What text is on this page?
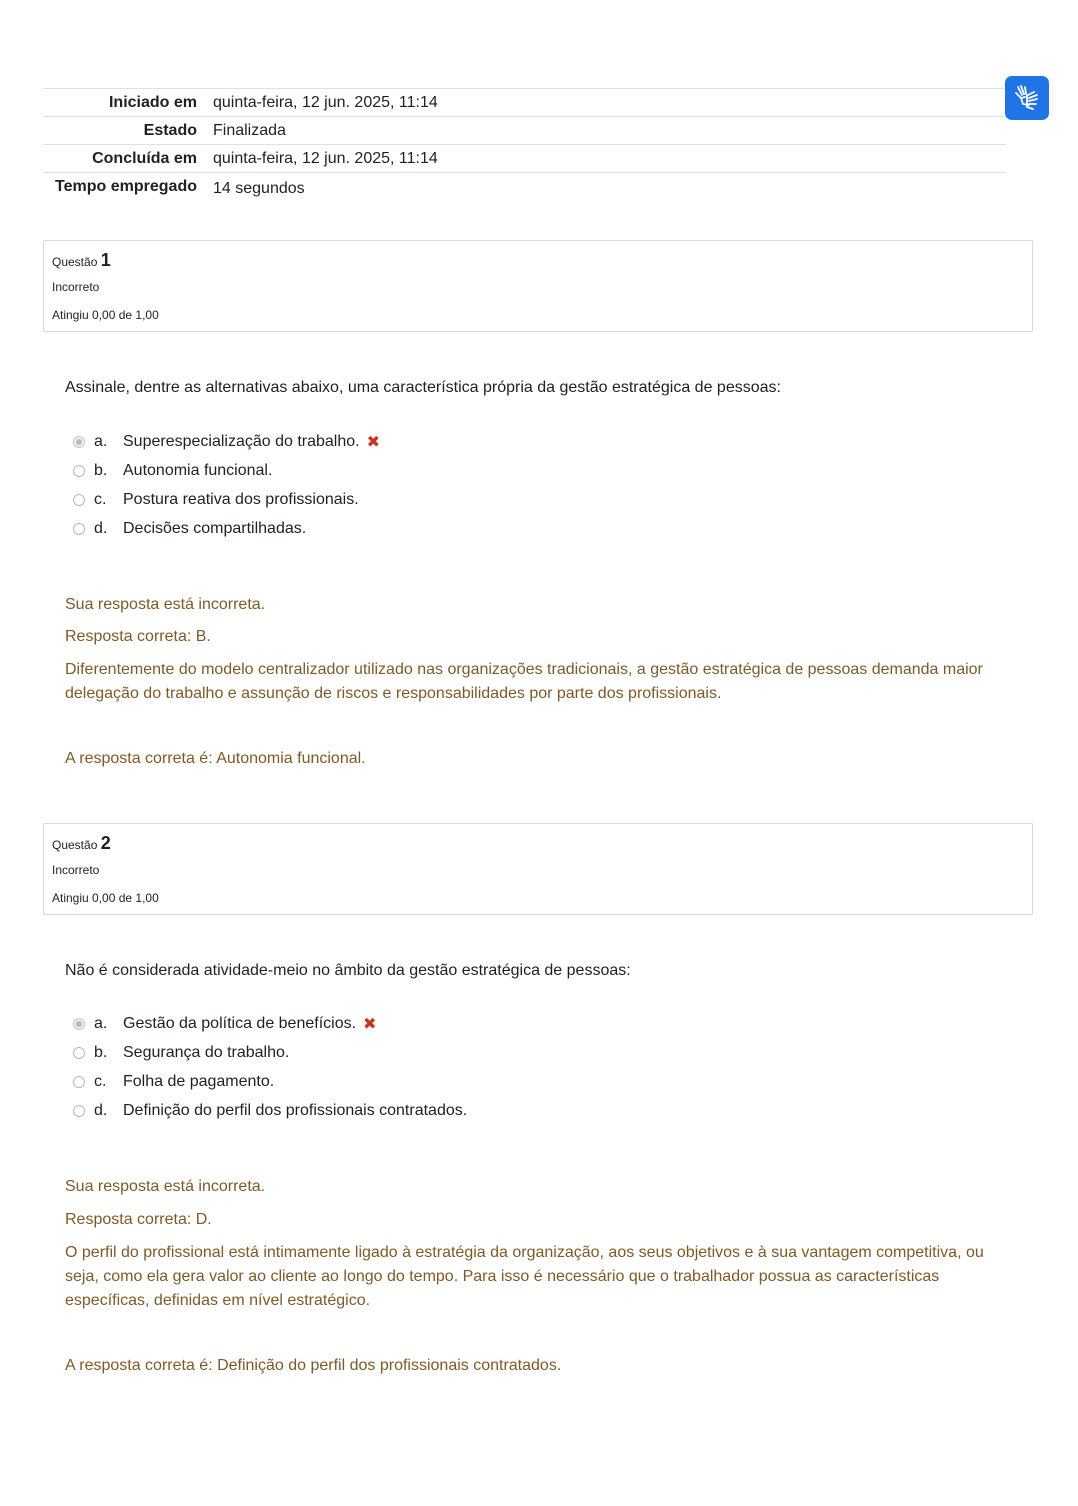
Iniciado em	quinta-feira, 12 jun. 2025, 11:14
Estado	Finalizada
Concluída em	quinta-feira, 12 jun. 2025, 11:14
Tempo empregado	14 segundos
Questão 1
Incorreto
Atingiu 0,00 de 1,00
Assinale, dentre as alternativas abaixo, uma característica própria da gestão estratégica de pessoas:
a. Superespecialização do trabalho. ✖
b. Autonomia funcional.
c.	Postura reativa dos profissionais.
d. Decisões compartilhadas.

Sua resposta está incorreta.

Resposta correta: B.

Diferentemente do modelo centralizador utilizado nas organizações tradicionais, a gestão estratégica de pessoas demanda maior delegação do trabalho e assunção de riscos e responsabilidades por parte dos profissionais.

A resposta correta é: Autonomia funcional.

Questão 2
Incorreto
Atingiu 0,00 de 1,00
Não é considerada atividade-meio no âmbito da gestão estratégica de pessoas:
a. Gestão da política de benefícios. ✖
b. Segurança do trabalho.
c.	Folha de pagamento.
d. Definição do perfil dos profissionais contratados.

Sua resposta está incorreta.

Resposta correta: D.

O perfil do profissional está intimamente ligado à estratégia da organização, aos seus objetivos e à sua vantagem competitiva, ou seja, como ela gera valor ao cliente ao longo do tempo. Para isso é necessário que o trabalhador possua as características específicas, definidas em nível estratégico.

A resposta correta é: Definição do perfil dos profissionais contratados.
